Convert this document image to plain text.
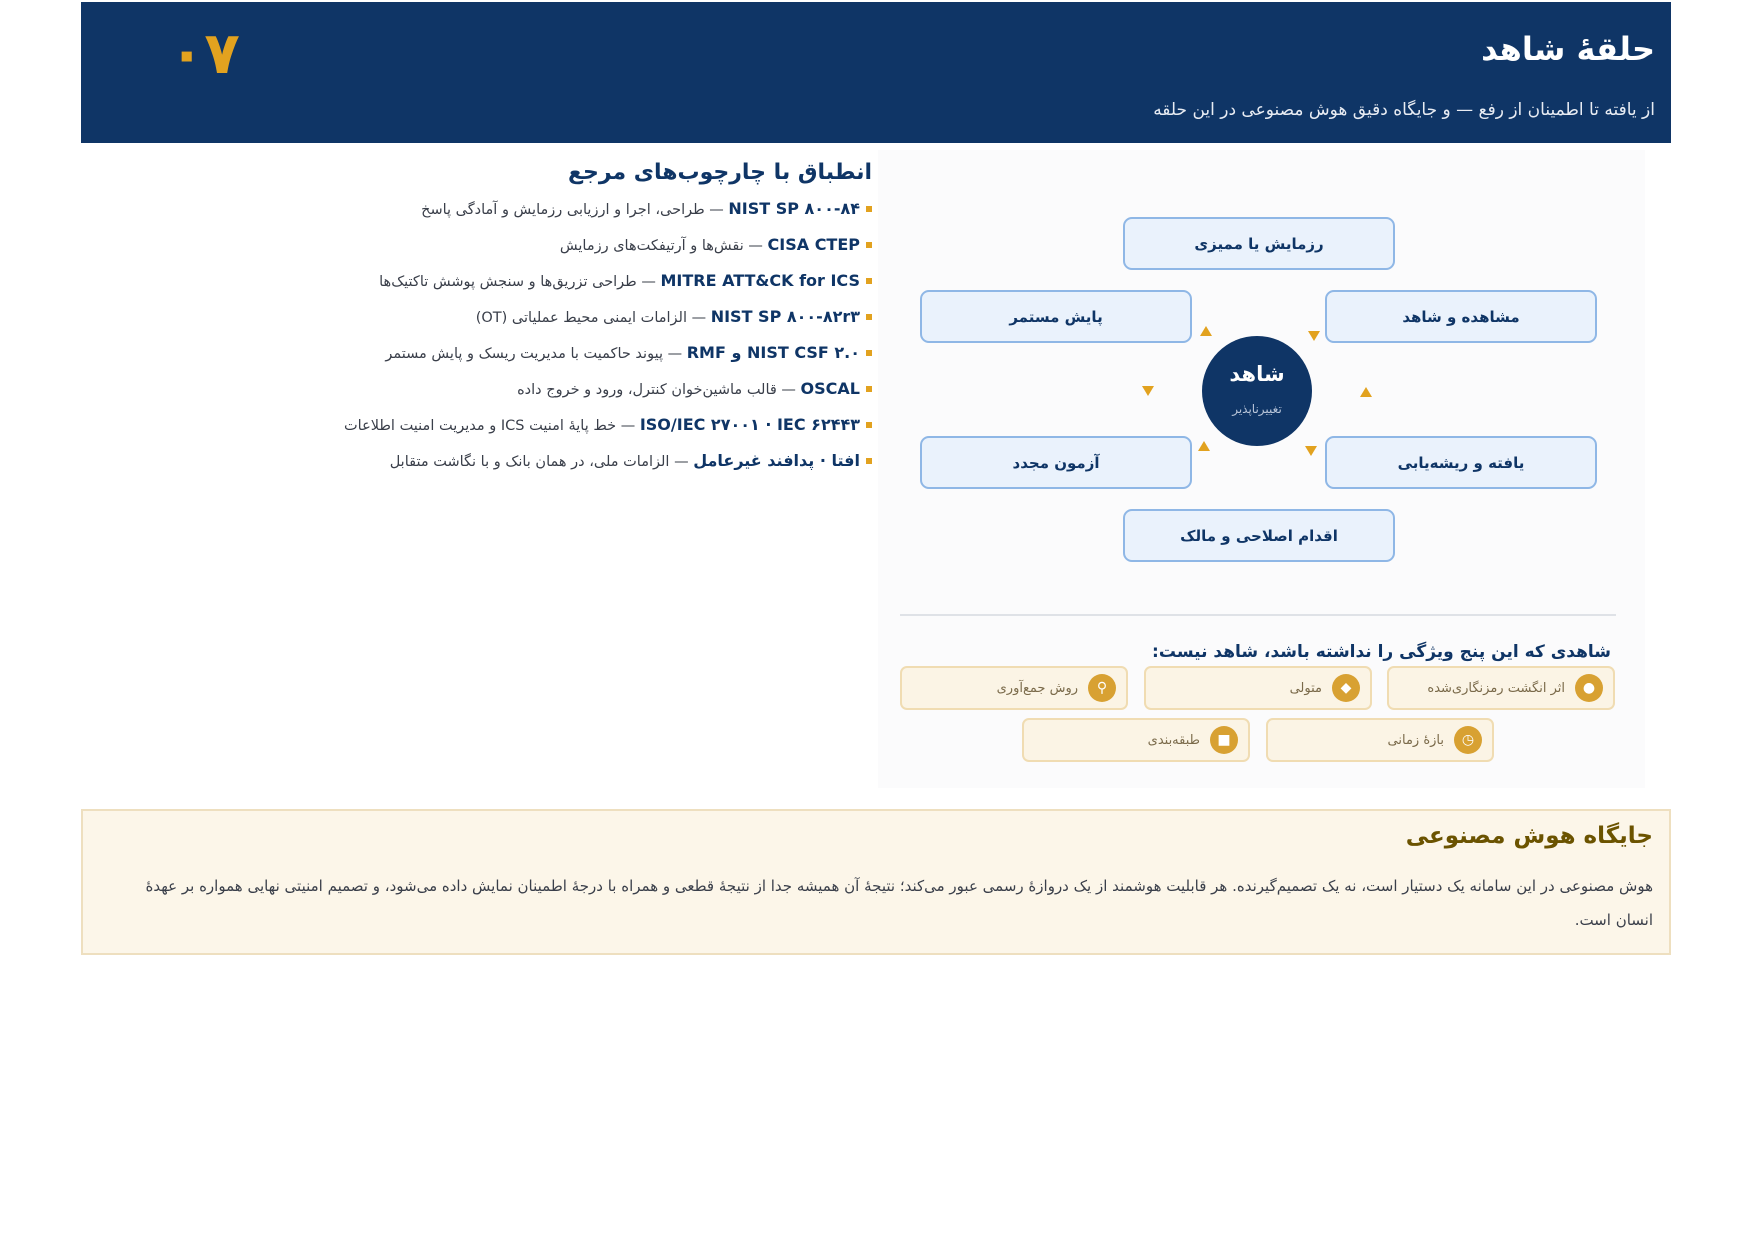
حلقهٔ شاهد
از یافته تا اطمینان از رفع — و جایگاه دقیق هوش مصنوعی در این حلقه
۰۷
انطباق با چارچوب‌های مرجع
NIST SP ۸۰۰-۸۴ — طراحی، اجرا و ارزیابی رزمایش و آمادگی پاسخ
CISA CTEP — نقش‌ها و آرتیفکت‌های رزمایش
MITRE ATT&CK for ICS — طراحی تزریق‌ها و سنجش پوشش تاکتیک‌ها
NIST SP ۸۰۰-۸۲r۳ — الزامات ایمنی محیط عملیاتی (OT)
NIST CSF ۲.۰ و RMF — پیوند حاکمیت با مدیریت ریسک و پایش مستمر
OSCAL — قالب ماشین‌خوان کنترل، ورود و خروج داده
ISO/IEC ۲۷۰۰۱ · IEC ۶۲۴۴۳ — خط پایهٔ امنیت ICS و مدیریت امنیت اطلاعات
افتا · پدافند غیرعامل — الزامات ملی، در همان بانک و با نگاشت متقابل
رزمایش یا ممیزی
مشاهده و شاهد
یافته و ریشه‌یابی
اقدام اصلاحی و مالک
آزمون مجدد
پایش مستمر
شاهد
تغییرناپذیر
شاهدی که این پنج ویژگی را نداشته باشد، شاهد نیست:
●
اثر انگشت رمزنگاری‌شده
◆
متولی
⚲
روش جمع‌آوری
◷
بازهٔ زمانی
■
طبقه‌بندی
جایگاه هوش مصنوعی

هوش مصنوعی در این سامانه یک دستیار است، نه یک تصمیم‌گیرنده. هر قابلیت هوشمند از یک دروازهٔ رسمی عبور می‌کند؛ نتیجهٔ آن همیشه جدا از نتیجهٔ قطعی و همراه با درجهٔ اطمینان نمایش داده می‌شود، و تصمیم امنیتی نهایی همواره بر عهدهٔ انسان است.
